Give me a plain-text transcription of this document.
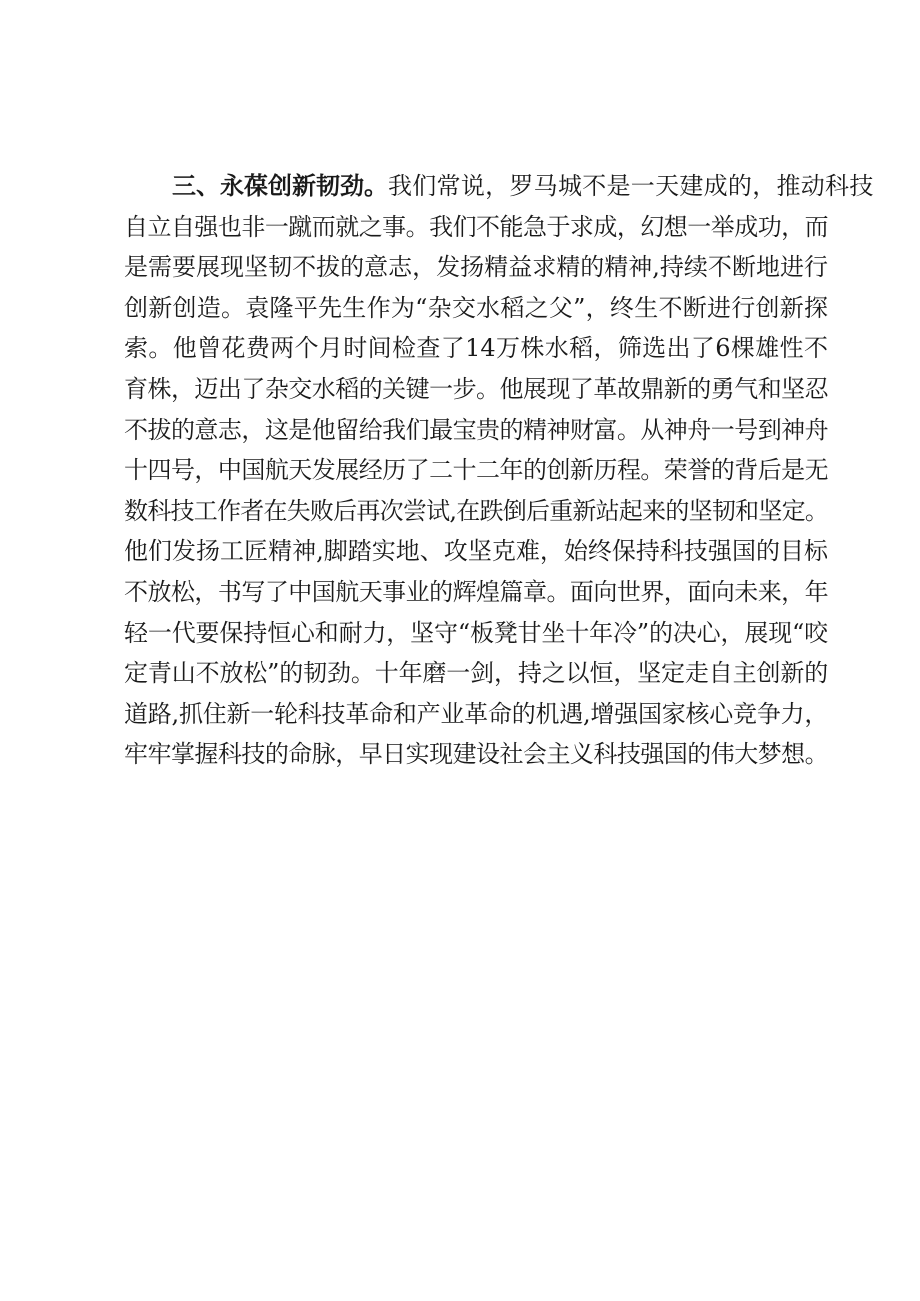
三、永葆创新韧劲。我们常说，罗马城不是一天建成的，推动科技
自立自强也非一蹴而就之事。我们不能急于求成，幻想一举成功，而
是需要展现坚韧不拔的意志，发扬精益求精的精神,持续不断地进行
创新创造。袁隆平先生作为“杂交水稻之父”，终生不断进行创新探
索。他曾花费两个月时间检查了14万株水稻，筛选出了6棵雄性不
育株，迈出了杂交水稻的关键一步。他展现了革故鼎新的勇气和坚忍
不拔的意志，这是他留给我们最宝贵的精神财富。从神舟一号到神舟
十四号，中国航天发展经历了二十二年的创新历程。荣誉的背后是无
数科技工作者在失败后再次尝试,在跌倒后重新站起来的坚韧和坚定。
他们发扬工匠精神,脚踏实地、攻坚克难，始终保持科技强国的目标
不放松，书写了中国航天事业的辉煌篇章。面向世界，面向未来，年
轻一代要保持恒心和耐力，坚守“板凳甘坐十年冷”的决心，展现“咬
定青山不放松”的韧劲。十年磨一剑，持之以恒，坚定走自主创新的
道路,抓住新一轮科技革命和产业革命的机遇,增强国家核心竞争力，
牢牢掌握科技的命脉，早日实现建设社会主义科技强国的伟大梦想。
